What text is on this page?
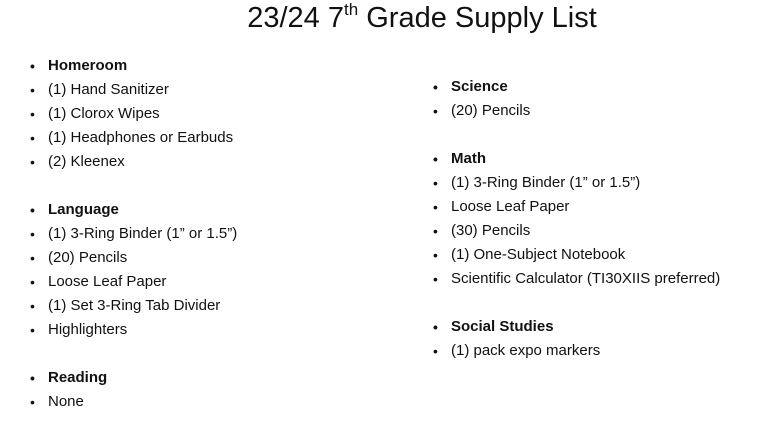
23/24 7th Grade Supply List
• Homeroom
• (1) Hand Sanitizer
• (1) Clorox Wipes
• (1) Headphones or Earbuds
• (2) Kleenex
• Language
• (1) 3-Ring Binder (1” or 1.5”)
• (20) Pencils
• Loose Leaf Paper
• (1) Set 3-Ring Tab Divider
• Highlighters
• Reading
• None
• Science
• (20) Pencils
• Math
• (1) 3-Ring Binder (1” or 1.5”)
• Loose Leaf Paper
• (30) Pencils
• (1) One-Subject Notebook
• Scientific Calculator (TI30XIIS preferred)
• Social Studies
• (1) pack expo markers
